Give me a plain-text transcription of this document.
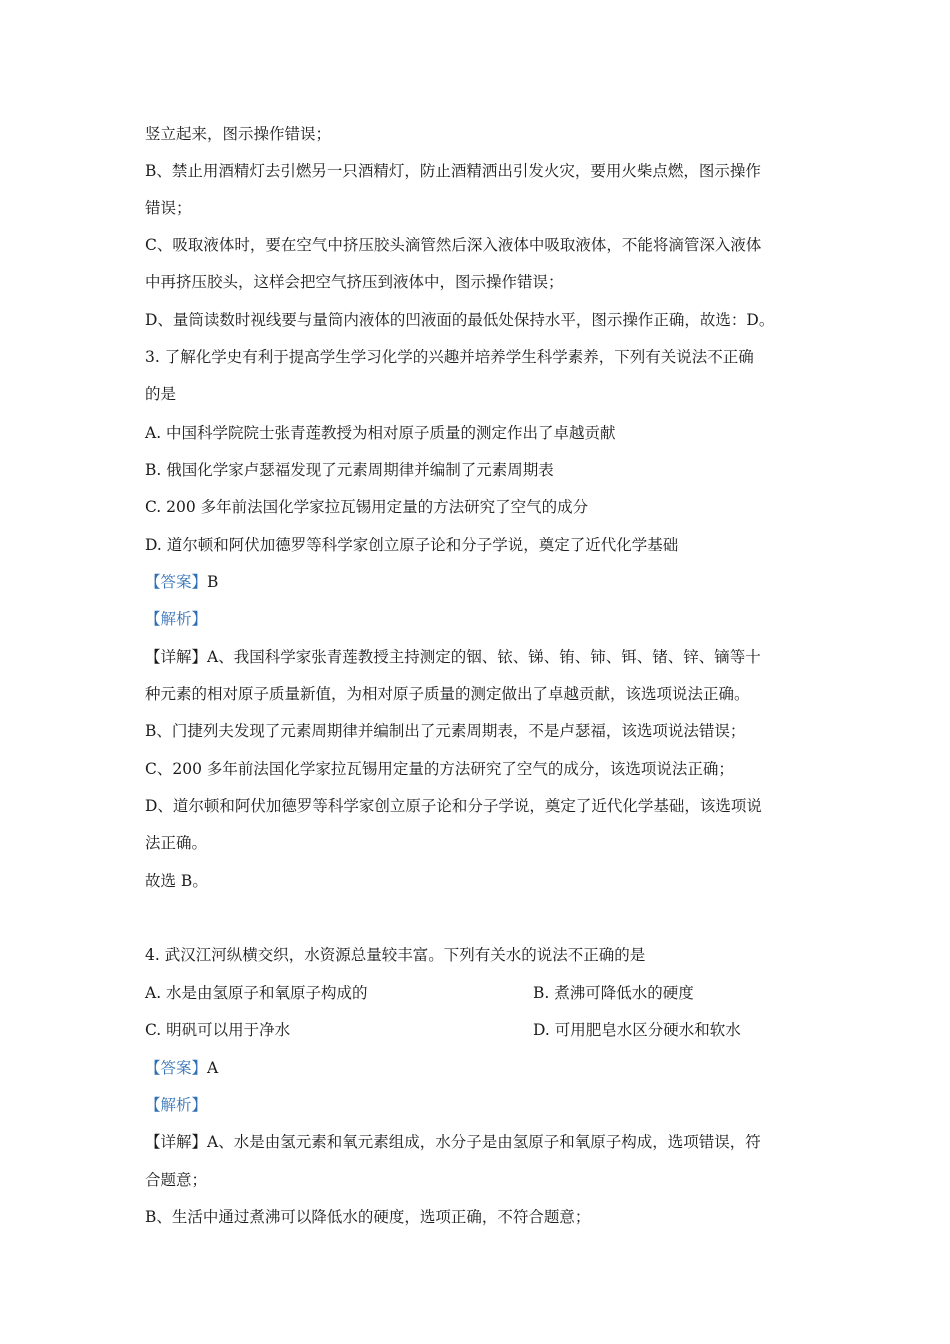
竖立起来，图示操作错误；
B、禁止用酒精灯去引燃另一只酒精灯，防止酒精洒出引发火灾，要用火柴点燃，图示操作
错误；
C、吸取液体时，要在空气中挤压胶头滴管然后深入液体中吸取液体，不能将滴管深入液体
中再挤压胶头，这样会把空气挤压到液体中，图示操作错误；
D、量筒读数时视线要与量筒内液体的凹液面的最低处保持水平，图示操作正确，故选：D。
3. 了解化学史有利于提高学生学习化学的兴趣并培养学生科学素养，下列有关说法不正确
的是
A. 中国科学院院士张青莲教授为相对原子质量的测定作出了卓越贡献
B. 俄国化学家卢瑟福发现了元素周期律并编制了元素周期表
C. 200 多年前法国化学家拉瓦锡用定量的方法研究了空气的成分
D. 道尔顿和阿伏加德罗等科学家创立原子论和分子学说，奠定了近代化学基础
【答案】B
【解析】
【详解】A、我国科学家张青莲教授主持测定的铟、铱、锑、铕、铈、铒、锗、锌、镝等十
种元素的相对原子质量新值，为相对原子质量的测定做出了卓越贡献，该选项说法正确。
B、门捷列夫发现了元素周期律并编制出了元素周期表，不是卢瑟福，该选项说法错误；
C、200 多年前法国化学家拉瓦锡用定量的方法研究了空气的成分，该选项说法正确；
D、道尔顿和阿伏加德罗等科学家创立原子论和分子学说，奠定了近代化学基础，该选项说
法正确。
故选 B。
4. 武汉江河纵横交织，水资源总量较丰富。下列有关水的说法不正确的是
A. 水是由氢原子和氧原子构成的	B. 煮沸可降低水的硬度
C. 明矾可以用于净水	D. 可用肥皂水区分硬水和软水
【答案】A
【解析】
【详解】A、水是由氢元素和氧元素组成，水分子是由氢原子和氧原子构成，选项错误，符
合题意；
B、生活中通过煮沸可以降低水的硬度，选项正确，不符合题意；
